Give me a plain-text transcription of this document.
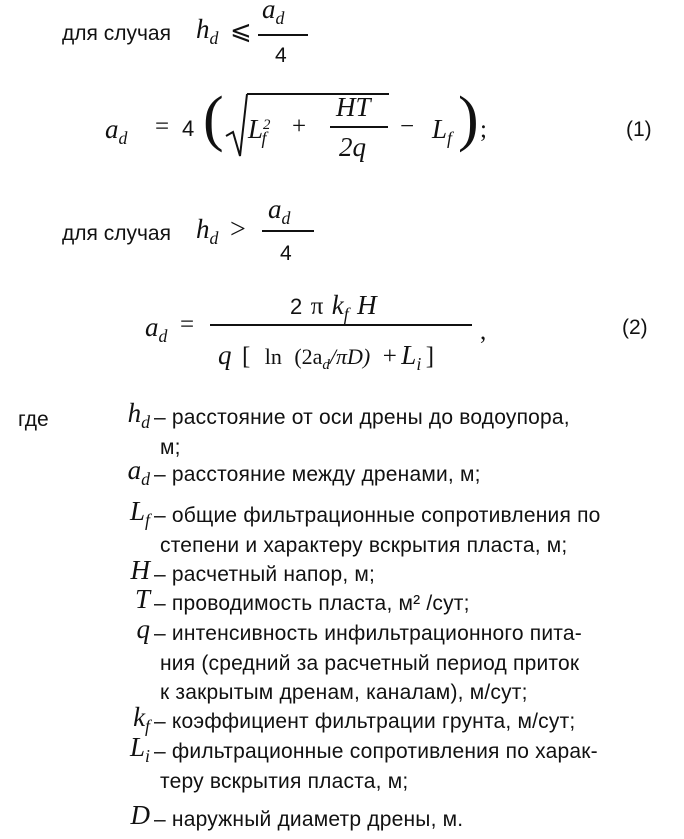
для случая $h_d$ ⩽
$a_d$
4
$a_d = 4$ ( $L^2_f$ +
HT
2q
− $L_f$ ) ;	(1)
для случая $h_d$ >
$a_d$
4
$a_d$ =
2 π $k_f$ H
q [ $\ln (2ad/\pi D) + L_i$ ]
,	(2)
где	$h_d$ – расстояние от оси дрены до водоупора,
м;
$a_d$ – расстояние между дренами, м;
$L_f$ – общие фильтрационные сопротивления по
степени и характеру вскрытия пласта, м;
H – расчетный напор, м;
T – проводимость пласта, м² /сут;
q – интенсивность инфильтрационного пита-
ния (средний за расчетный период приток
к закрытым дренам, каналам), м/сут;
$k_f$ – коэффициент фильтрации грунта, м/сут;
$L_i$ – фильтрационные сопротивления по харак-
теру вскрытия пласта, м;
D – наружный диаметр дрены, м.
